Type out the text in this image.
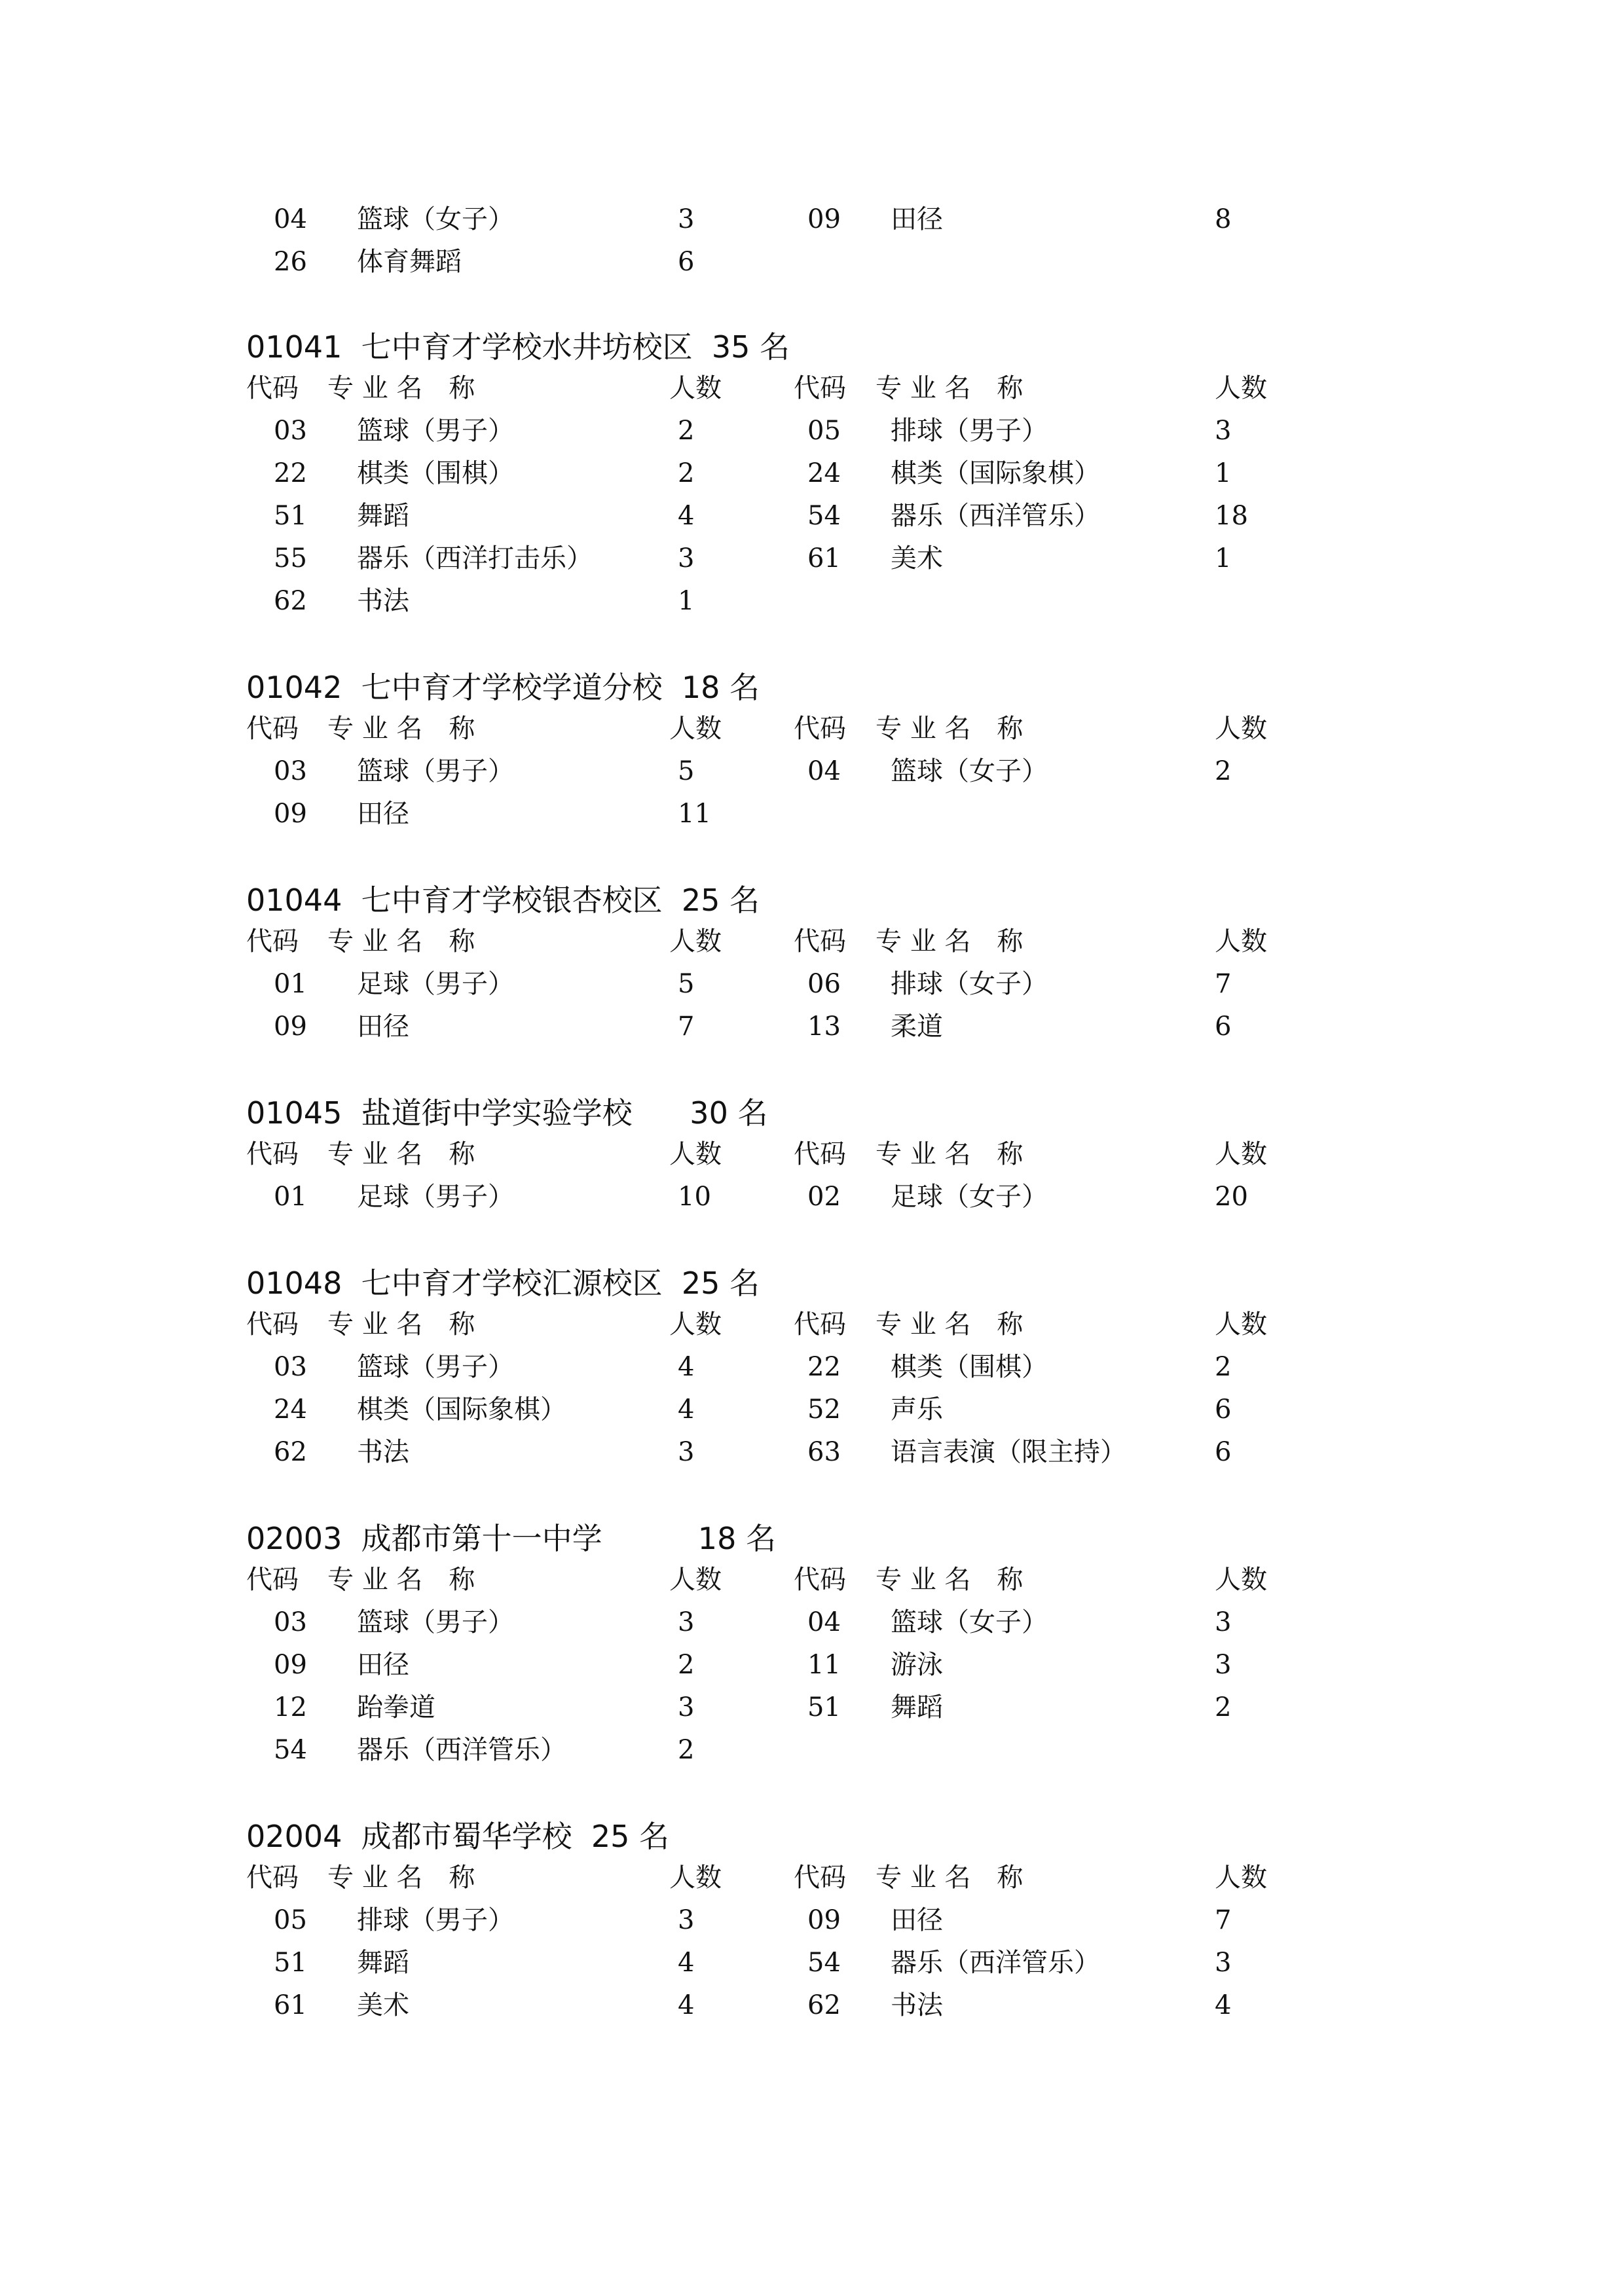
04 篮球（女子）	3	09 田径	8
26 体育舞蹈	6
01041  七中育才学校水井坊校区  35 名
代码 专 业 名　称	人数	代码 专 业 名　称	人数
03 篮球（男子）	2	05 排球（男子）	3
22 棋类（围棋）	2	24 棋类（国际象棋）	1
51 舞蹈	4	54 器乐（西洋管乐）	18
55 器乐（西洋打击乐）	3	61 美术	1
62 书法	1
01042  七中育才学校学道分校  18 名
代码 专 业 名　称	人数	代码 专 业 名　称	人数
03 篮球（男子）	5	04 篮球（女子）	2
09 田径	11
01044  七中育才学校银杏校区  25 名
代码 专 业 名　称	人数	代码 专 业 名　称	人数
01 足球（男子）	5	06 排球（女子）	7
09 田径	7	13 柔道	6
01045  盐道街中学实验学校      30 名
代码 专 业 名　称	人数	代码 专 业 名　称	人数
01 足球（男子）	10	02 足球（女子）	20
01048  七中育才学校汇源校区  25 名
代码 专 业 名　称	人数	代码 专 业 名　称	人数
03 篮球（男子）	4	22 棋类（围棋）	2
24 棋类（国际象棋）	4	52 声乐	6
62 书法	3	63 语言表演（限主持）	6
02003  成都市第十一中学          18 名
代码 专 业 名　称	人数	代码 专 业 名　称	人数
03 篮球（男子）	3	04 篮球（女子）	3
09 田径	2	11 游泳	3
12 跆拳道	3	51 舞蹈	2
54 器乐（西洋管乐）	2
02004  成都市蜀华学校  25 名
代码 专 业 名　称	人数	代码 专 业 名　称	人数
05 排球（男子）	3	09 田径	7
51 舞蹈	4	54 器乐（西洋管乐）	3
61 美术	4	62 书法	4
